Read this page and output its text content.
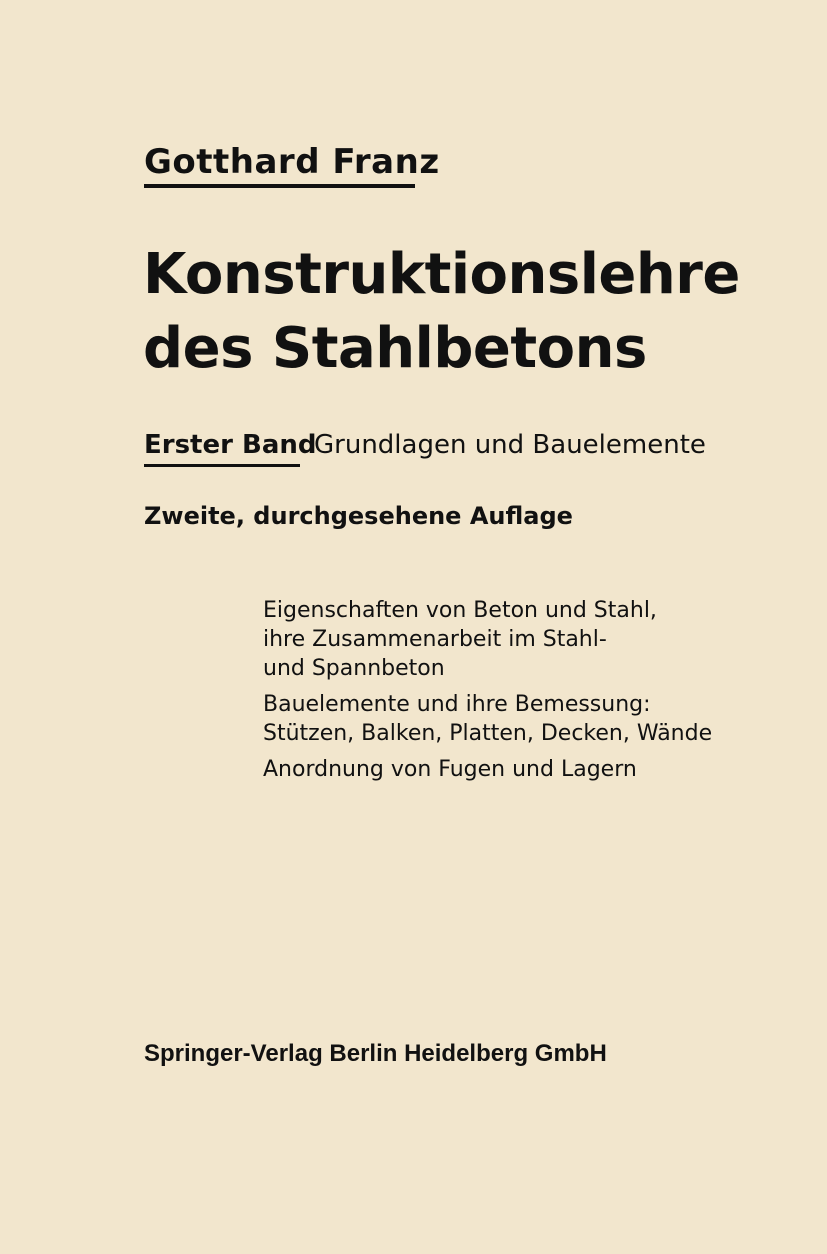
Gotthard Franz
Konstruktionslehre
des Stahlbetons
Erster Band
Grundlagen und Bauelemente
Zweite, durchgesehene Auflage
Eigenschaften von Beton und Stahl,
ihre Zusammenarbeit im Stahl-
und Spannbeton
Bauelemente und ihre Bemessung:
Stützen, Balken, Platten, Decken, Wände
Anordnung von Fugen und Lagern
Springer-Verlag Berlin Heidelberg GmbH
